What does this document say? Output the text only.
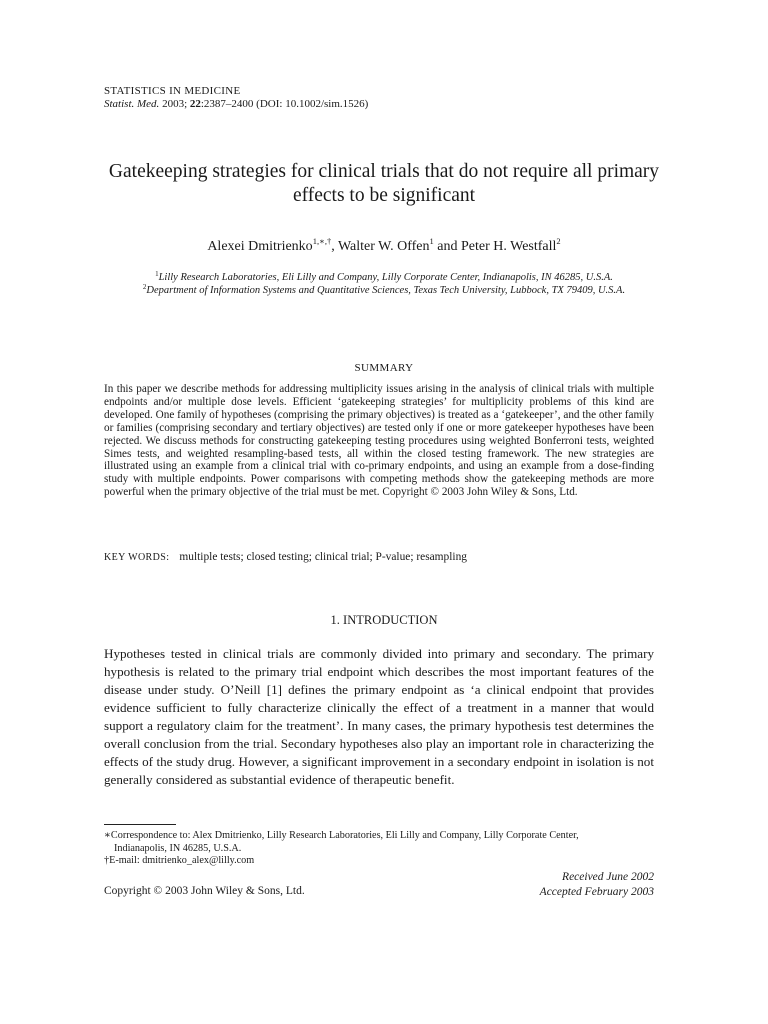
STATISTICS IN MEDICINE
Statist. Med. 2003; 22:2387–2400 (DOI: 10.1002/sim.1526)
Gatekeeping strategies for clinical trials that do not require all primary effects to be significant
Alexei Dmitrienko$^{1,∗,\dagger}$, Walter W. Offen$^1$ and Peter H. Westfall$^2$
$^1$Lilly Research Laboratories, Eli Lilly and Company, Lilly Corporate Center, Indianapolis, IN 46285, U.S.A.
$^2$Department of Information Systems and Quantitative Sciences, Texas Tech University, Lubbock, TX 79409, U.S.A.
SUMMARY
In this paper we describe methods for addressing multiplicity issues arising in the analysis of clinical trials with multiple endpoints and/or multiple dose levels. Efficient ‘gatekeeping strategies’ for multiplicity problems of this kind are developed. One family of hypotheses (comprising the primary objectives) is treated as a ‘gatekeeper’, and the other family or families (comprising secondary and tertiary objectives) are tested only if one or more gatekeeper hypotheses have been rejected. We discuss methods for constructing gatekeeping testing procedures using weighted Bonferroni tests, weighted Simes tests, and weighted resampling-based tests, all within the closed testing framework. The new strategies are illustrated using an example from a clinical trial with co-primary endpoints, and using an example from a dose-finding study with multiple endpoints. Power comparisons with competing methods show the gatekeeping methods are more powerful when the primary objective of the trial must be met. Copyright © 2003 John Wiley & Sons, Ltd.
KEY WORDS: multiple tests; closed testing; clinical trial; P-value; resampling
1. INTRODUCTION
Hypotheses tested in clinical trials are commonly divided into primary and secondary. The primary hypothesis is related to the primary trial endpoint which describes the most important features of the disease under study. O’Neill [1] defines the primary endpoint as ‘a clinical endpoint that provides evidence sufficient to fully characterize clinically the effect of a treatment in a manner that would support a regulatory claim for the treatment’. In many cases, the primary hypothesis test determines the overall conclusion from the trial. Secondary hypotheses also play an important role in characterizing the effects of the study drug. However, a significant improvement in a secondary endpoint in isolation is not generally considered as substantial evidence of therapeutic benefit.
∗Correspondence to: Alex Dmitrienko, Lilly Research Laboratories, Eli Lilly and Company, Lilly Corporate Center,
Indianapolis, IN 46285, U.S.A.
†E-mail: dmitrienko_alex@lilly.com
Received June 2002
Accepted February 2003
Copyright © 2003 John Wiley & Sons, Ltd.
